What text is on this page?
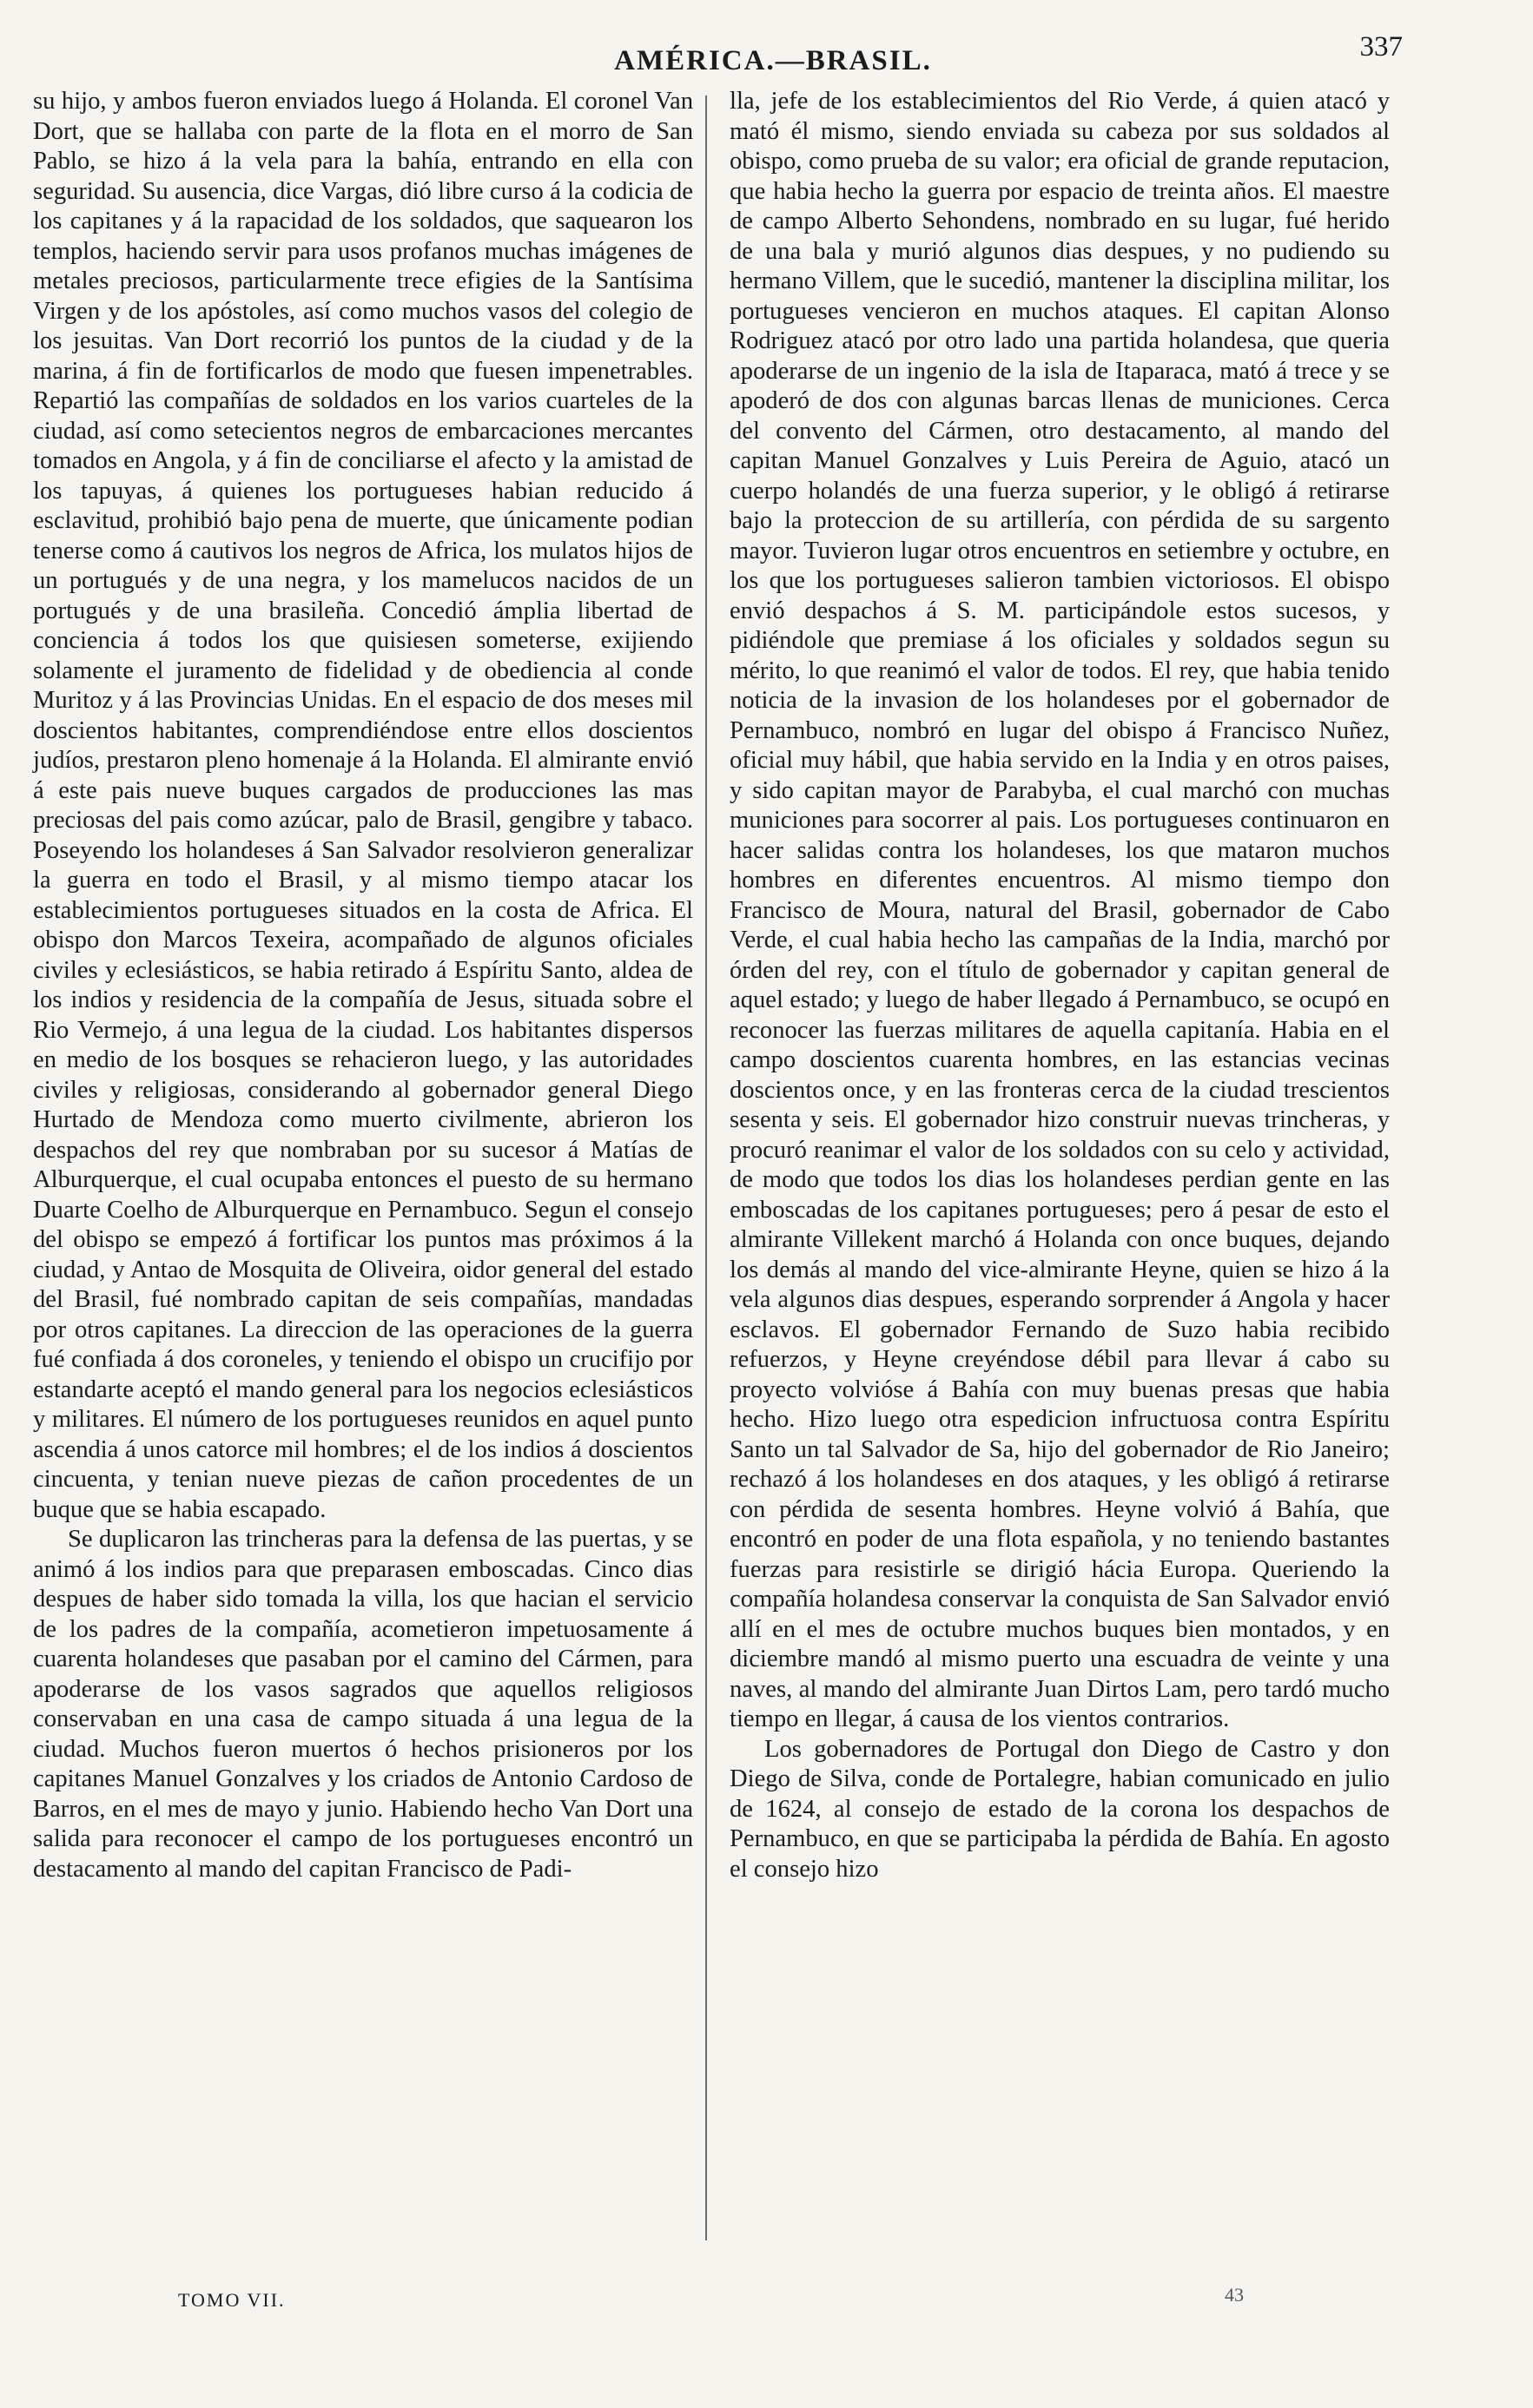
AMÉRICA.—BRASIL.	337

su hijo, y ambos fueron enviados luego á Holanda. El coronel Van Dort, que se hallaba con parte de la flota en el morro de San Pablo, se hizo á la vela para la bahía, entrando en ella con seguridad. Su ausencia, dice Vargas, dió libre curso á la codicia de los capitanes y á la rapacidad de los soldados, que saquearon los templos, haciendo servir para usos profanos muchas imágenes de metales preciosos, particularmente trece efigies de la Santísima Virgen y de los apóstoles, así como muchos vasos del colegio de los jesuitas. Van Dort recorrió los puntos de la ciudad y de la marina, á fin de fortificarlos de modo que fuesen impenetrables. Repartió las compañías de soldados en los varios cuarteles de la ciudad, así como setecientos negros de embarcaciones mercantes tomados en Angola, y á fin de conciliarse el afecto y la amistad de los tapuyas, á quienes los portugueses habian reducido á esclavitud, prohibió bajo pena de muerte, que únicamente podian tenerse como á cautivos los negros de Africa, los mulatos hijos de un portugués y de una negra, y los mamelucos nacidos de un portugués y de una brasileña. Concedió ámplia libertad de conciencia á todos los que quisiesen someterse, exijiendo solamente el juramento de fidelidad y de obediencia al conde Muritoz y á las Provincias Unidas. En el espacio de dos meses mil doscientos habitantes, comprendiéndose entre ellos doscientos judíos, prestaron pleno homenaje á la Holanda. El almirante envió á este pais nueve buques cargados de producciones las mas preciosas del pais como azúcar, palo de Brasil, gengibre y tabaco. Poseyendo los holandeses á San Salvador resolvieron generalizar la guerra en todo el Brasil, y al mismo tiempo atacar los establecimientos portugueses situados en la costa de Africa. El obispo don Marcos Texeira, acompañado de algunos oficiales civiles y eclesiásticos, se habia retirado á Espíritu Santo, aldea de los indios y residencia de la compañía de Jesus, situada sobre el Rio Vermejo, á una legua de la ciudad. Los habitantes dispersos en medio de los bosques se rehacieron luego, y las autoridades civiles y religiosas, considerando al gobernador general Diego Hurtado de Mendoza como muerto civilmente, abrieron los despachos del rey que nombraban por su sucesor á Matías de Alburquerque, el cual ocupaba entonces el puesto de su hermano Duarte Coelho de Alburquerque en Pernambuco. Segun el consejo del obispo se empezó á fortificar los puntos mas próximos á la ciudad, y Antao de Mosquita de Oliveira, oidor general del estado del Brasil, fué nombrado capitan de seis compañías, mandadas por otros capitanes. La direccion de las operaciones de la guerra fué confiada á dos coroneles, y teniendo el obispo un crucifijo por estandarte aceptó el mando general para los negocios eclesiásticos y militares. El número de los portugueses reunidos en aquel punto ascendia á unos catorce mil hombres; el de los indios á doscientos cincuenta, y tenian nueve piezas de cañon procedentes de un buque que se habia escapado.

Se duplicaron las trincheras para la defensa de las puertas, y se animó á los indios para que preparasen emboscadas. Cinco dias despues de haber sido tomada la villa, los que hacian el servicio de los padres de la compañía, acometieron impetuosamente á cuarenta holandeses que pasaban por el camino del Cármen, para apoderarse de los vasos sagrados que aquellos religiosos conservaban en una casa de campo situada á una legua de la ciudad. Muchos fueron muertos ó hechos prisioneros por los capitanes Manuel Gonzalves y los criados de Antonio Cardoso de Barros, en el mes de mayo y junio. Habiendo hecho Van Dort una salida para reconocer el campo de los portugueses encontró un destacamento al mando del capitan Francisco de Padi-

lla, jefe de los establecimientos del Rio Verde, á quien atacó y mató él mismo, siendo enviada su cabeza por sus soldados al obispo, como prueba de su valor; era oficial de grande reputacion, que habia hecho la guerra por espacio de treinta años. El maestre de campo Alberto Sehondens, nombrado en su lugar, fué herido de una bala y murió algunos dias despues, y no pudiendo su hermano Villem, que le sucedió, mantener la disciplina militar, los portugueses vencieron en muchos ataques. El capitan Alonso Rodriguez atacó por otro lado una partida holandesa, que queria apoderarse de un ingenio de la isla de Itaparaca, mató á trece y se apoderó de dos con algunas barcas llenas de municiones. Cerca del convento del Cármen, otro destacamento, al mando del capitan Manuel Gonzalves y Luis Pereira de Aguio, atacó un cuerpo holandés de una fuerza superior, y le obligó á retirarse bajo la proteccion de su artillería, con pérdida de su sargento mayor. Tuvieron lugar otros encuentros en setiembre y octubre, en los que los portugueses salieron tambien victoriosos. El obispo envió despachos á S. M. participándole estos sucesos, y pidiéndole que premiase á los oficiales y soldados segun su mérito, lo que reanimó el valor de todos. El rey, que habia tenido noticia de la invasion de los holandeses por el gobernador de Pernambuco, nombró en lugar del obispo á Francisco Nuñez, oficial muy hábil, que habia servido en la India y en otros paises, y sido capitan mayor de Parabyba, el cual marchó con muchas municiones para socorrer al pais. Los portugueses continuaron en hacer salidas contra los holandeses, los que mataron muchos hombres en diferentes encuentros. Al mismo tiempo don Francisco de Moura, natural del Brasil, gobernador de Cabo Verde, el cual habia hecho las campañas de la India, marchó por órden del rey, con el título de gobernador y capitan general de aquel estado; y luego de haber llegado á Pernambuco, se ocupó en reconocer las fuerzas militares de aquella capitanía. Habia en el campo doscientos cuarenta hombres, en las estancias vecinas doscientos once, y en las fronteras cerca de la ciudad trescientos sesenta y seis. El gobernador hizo construir nuevas trincheras, y procuró reanimar el valor de los soldados con su celo y actividad, de modo que todos los dias los holandeses perdian gente en las emboscadas de los capitanes portugueses; pero á pesar de esto el almirante Villekent marchó á Holanda con once buques, dejando los demás al mando del vice-almirante Heyne, quien se hizo á la vela algunos dias despues, esperando sorprender á Angola y hacer esclavos. El gobernador Fernando de Suzo habia recibido refuerzos, y Heyne creyéndose débil para llevar á cabo su proyecto volvióse á Bahía con muy buenas presas que habia hecho. Hizo luego otra espedicion infructuosa contra Espíritu Santo un tal Salvador de Sa, hijo del gobernador de Rio Janeiro; rechazó á los holandeses en dos ataques, y les obligó á retirarse con pérdida de sesenta hombres. Heyne volvió á Bahía, que encontró en poder de una flota española, y no teniendo bastantes fuerzas para resistirle se dirigió hácia Europa. Queriendo la compañía holandesa conservar la conquista de San Salvador envió allí en el mes de octubre muchos buques bien montados, y en diciembre mandó al mismo puerto una escuadra de veinte y una naves, al mando del almirante Juan Dirtos Lam, pero tardó mucho tiempo en llegar, á causa de los vientos contrarios.

Los gobernadores de Portugal don Diego de Castro y don Diego de Silva, conde de Portalegre, habian comunicado en julio de 1624, al consejo de estado de la corona los despachos de Pernambuco, en que se participaba la pérdida de Bahía. En agosto el consejo hizo

TOMO VII.	43
